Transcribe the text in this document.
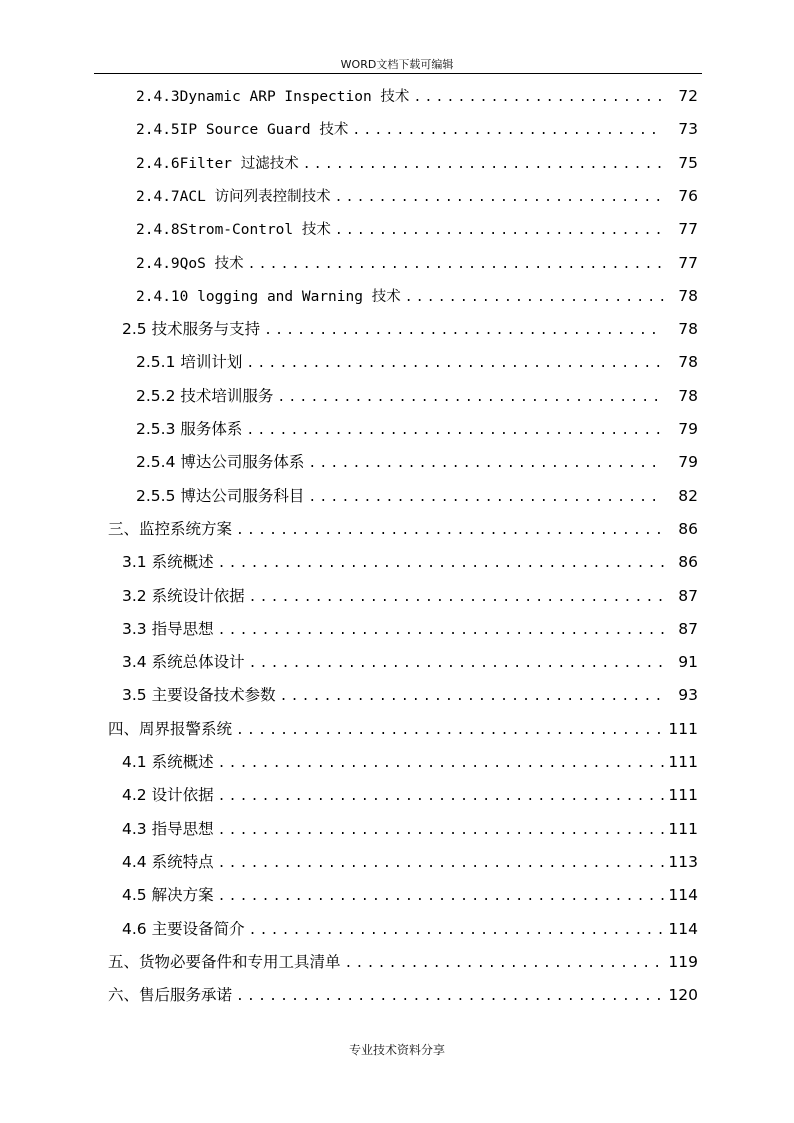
WORD文档下载可编辑
2.4.3Dynamic ARP Inspection 技术 .....	72
2.4.5IP Source Guard 技术 .....	73
2.4.6Filter 过滤技术 .....	75
2.4.7ACL 访问列表控制技术 .....	76
2.4.8Strom-Control 技术 .....	77
2.4.9QoS 技术 .....	77
2.4.10 logging and Warning 技术 .....	78
2.5 技术服务与支持 .....	78
2.5.1 培训计划 .....	78
2.5.2 技术培训服务 .....	78
2.5.3 服务体系 .....	79
2.5.4 博达公司服务体系 .....	79
2.5.5 博达公司服务科目 .....	82
三、监控系统方案 .....	86
3.1 系统概述 .....	86
3.2 系统设计依据 .....	87
3.3 指导思想 .....	87
3.4 系统总体设计 .....	91
3.5 主要设备技术参数 .....	93
四、周界报警系统 .....	111
4.1 系统概述 .....	111
4.2 设计依据 .....	111
4.3 指导思想 .....	111
4.4 系统特点 .....	113
4.5 解决方案 .....	114
4.6 主要设备简介 .....	114
五、货物必要备件和专用工具清单 .....	119
六、售后服务承诺 .....	120
专业技术资料分享
